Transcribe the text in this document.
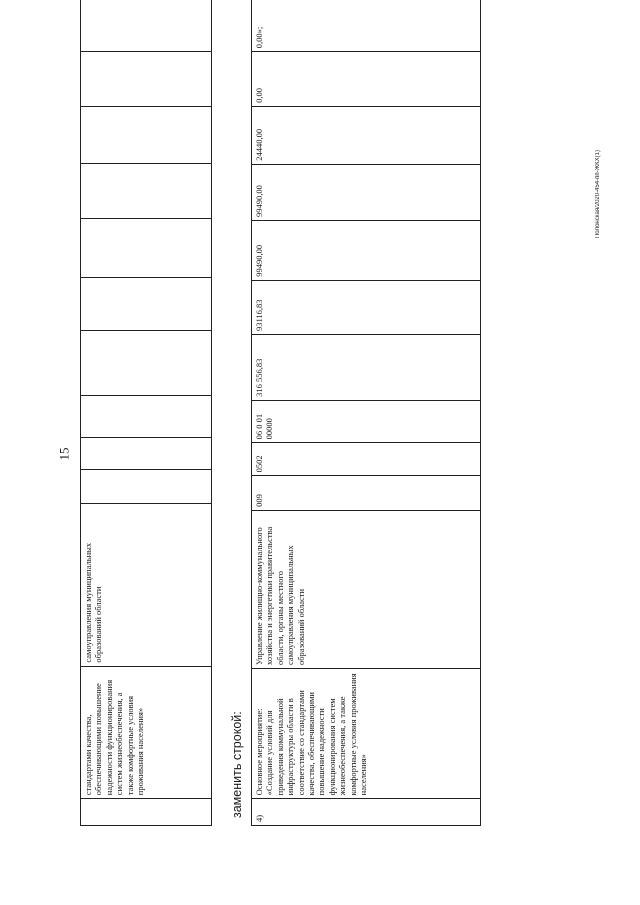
15
Полонская/2020-454-пп-ЖКХ(1)
	стандартами качества, обеспечивающими повышение надежности функционирования систем жизнеобеспечения, а также комфортные условия проживания населения»	самоуправления муниципальных образований области										
заменить строкой:
4)	Основное мероприятие: «Создание условий для приведения коммунальной инфраструктуры области в соответствие со стандартами качества, обеспечивающими повышение надежности функционирования систем жизнеобеспечения, а также комфортные условия проживания населения»	Управление жилищно-коммунального хозяйства и энергетики правительства области, органы местного самоуправления муниципальных образований области	009	0502	06 0 01 00000	316 556,83	93116,83	99490,00	99490,00	24440,00	0,00	0,00»;
